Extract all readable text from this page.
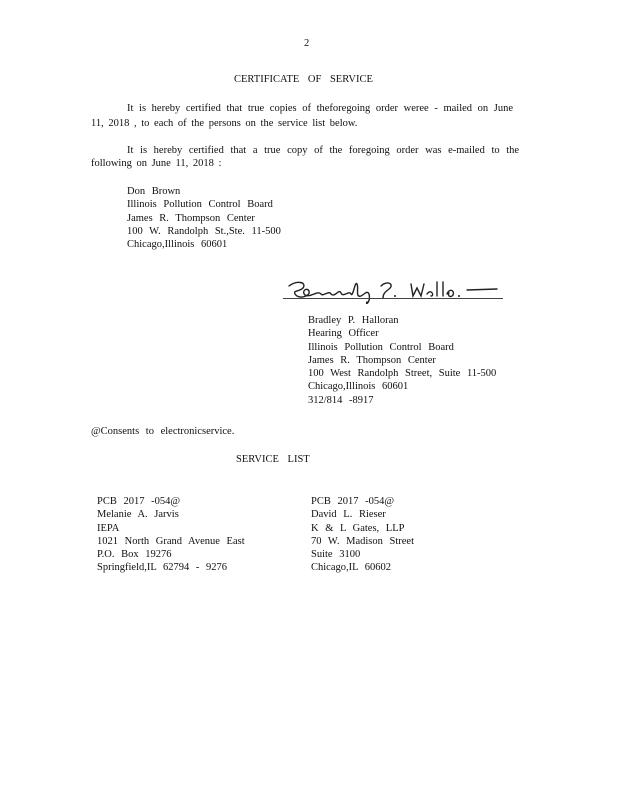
2
CERTIFICATE OF SERVICE
It is hereby certified that true copies of theforegoing order weree - mailed on June
11, 2018 , to each of the persons on the service list below.
It is hereby certified that a true copy of the foregoing order was e-mailed to the
following on June 11, 2018 :
Don Brown
Illinois Pollution Control Board
James R. Thompson Center
100 W. Randolph St.,Ste. 11-500
Chicago,Illinois 60601
Bradley P. Halloran
Hearing Officer
Illinois Pollution Control Board
James R. Thompson Center
100 West Randolph Street, Suite 11-500
Chicago,Illinois 60601
312/814 -8917
@Consents to electronicservice.
SERVICE LIST
PCB 2017 -054@
Melanie A. Jarvis
IEPA
1021 North Grand Avenue East
P.O. Box 19276
Springfield,IL 62794 - 9276
PCB 2017 -054@
David L. Rieser
K & L Gates, LLP
70 W. Madison Street
Suite 3100
Chicago,IL 60602
